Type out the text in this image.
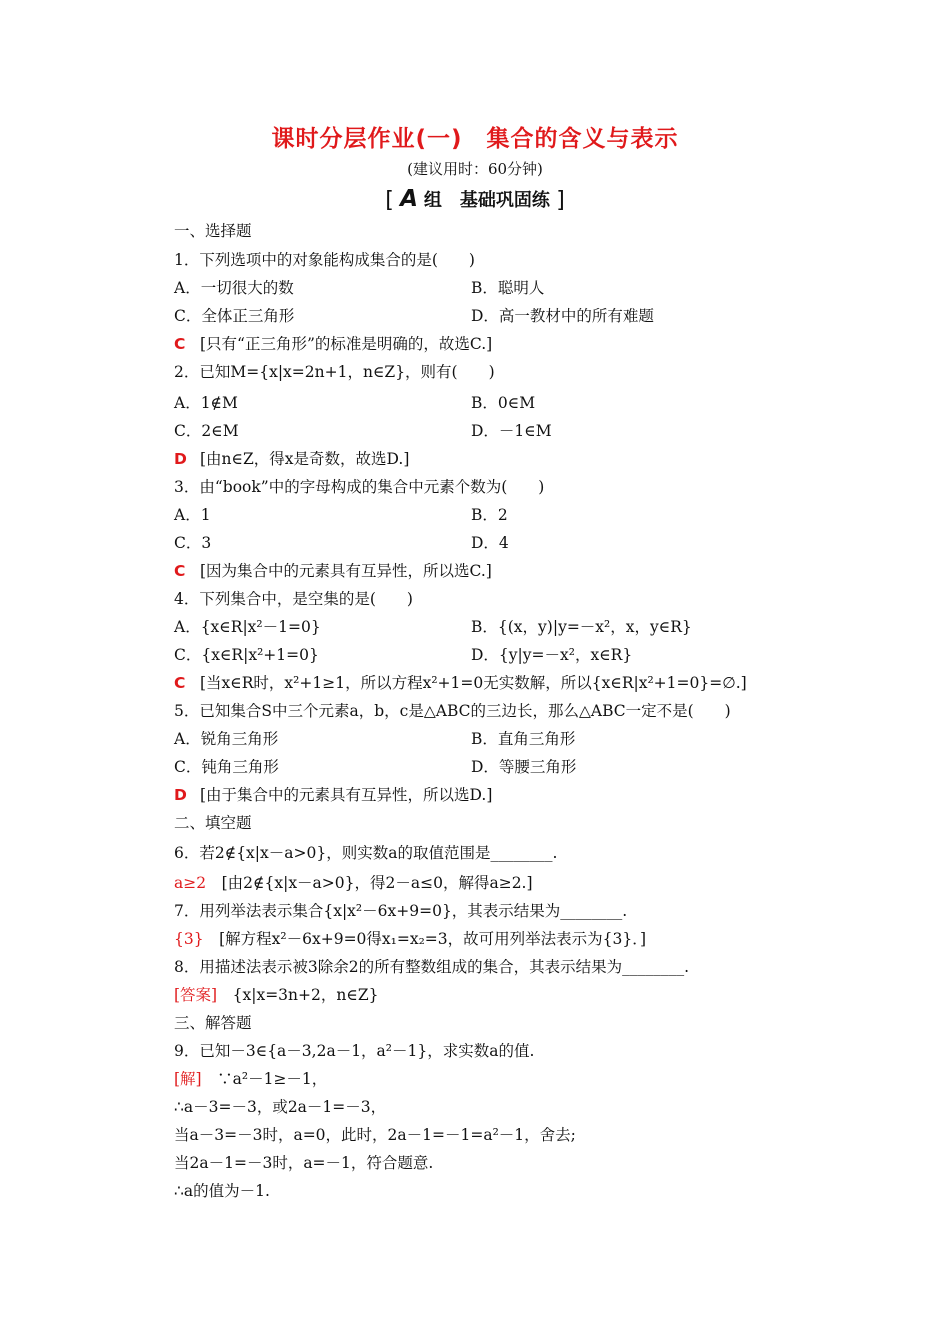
课时分层作业(一)　集合的含义与表示
(建议用时：60分钟)
[ A 组　基础巩固练 ]
一、选择题
1．下列选项中的对象能构成集合的是(　　)
A．一切很大的数	B．聪明人
C．全体正三角形	D．高一教材中的所有难题
C [只有“正三角形”的标准是明确的，故选C.]
2．已知M={x|x=2n+1，n∈Z}，则有(　　)
A．1∉M	B．0∈M
C．2∈M	D．－1∈M
D [由n∈Z，得x是奇数，故选D.]
3．由“book”中的字母构成的集合中元素个数为(　　)
A．1	B．2
C．3	D．4
C [因为集合中的元素具有互异性，所以选C.]
4．下列集合中，是空集的是(　　)
A．{x∈R|x²－1=0}	B．{(x，y)|y=－x²，x，y∈R}
C．{x∈R|x²+1=0}	D．{y|y=－x²，x∈R}
C [当x∈R时，x²+1≥1，所以方程x²+1=0无实数解，所以{x∈R|x²+1=0}=∅.]
5．已知集合S中三个元素a，b，c是△ABC的三边长，那么△ABC一定不是(　　)
A．锐角三角形	B．直角三角形
C．钝角三角形	D．等腰三角形
D [由于集合中的元素具有互异性，所以选D.]
二、填空题
6．若2∉{x|x－a>0}，则实数a的取值范围是________.
a≥2　 [由2∉{x|x－a>0}，得2－a≤0，解得a≥2.]
7．用列举法表示集合{x|x²－6x+9=0}，其表示结果为________.
{3}　 [解方程x²－6x+9=0得x₁=x₂=3，故可用列举法表示为{3}．]
8．用描述法表示被3除余2的所有整数组成的集合，其表示结果为________.
[答案]　 {x|x=3n+2，n∈Z}
三、解答题
9．已知－3∈{a－3,2a－1，a²－1}，求实数a的值.
[解]　 ∵a²－1≥－1，
∴a－3=－3，或2a－1=－3，
当a－3=－3时，a=0，此时，2a－1=－1=a²－1，舍去;
当2a－1=－3时，a=－1，符合题意.
∴a的值为－1.
